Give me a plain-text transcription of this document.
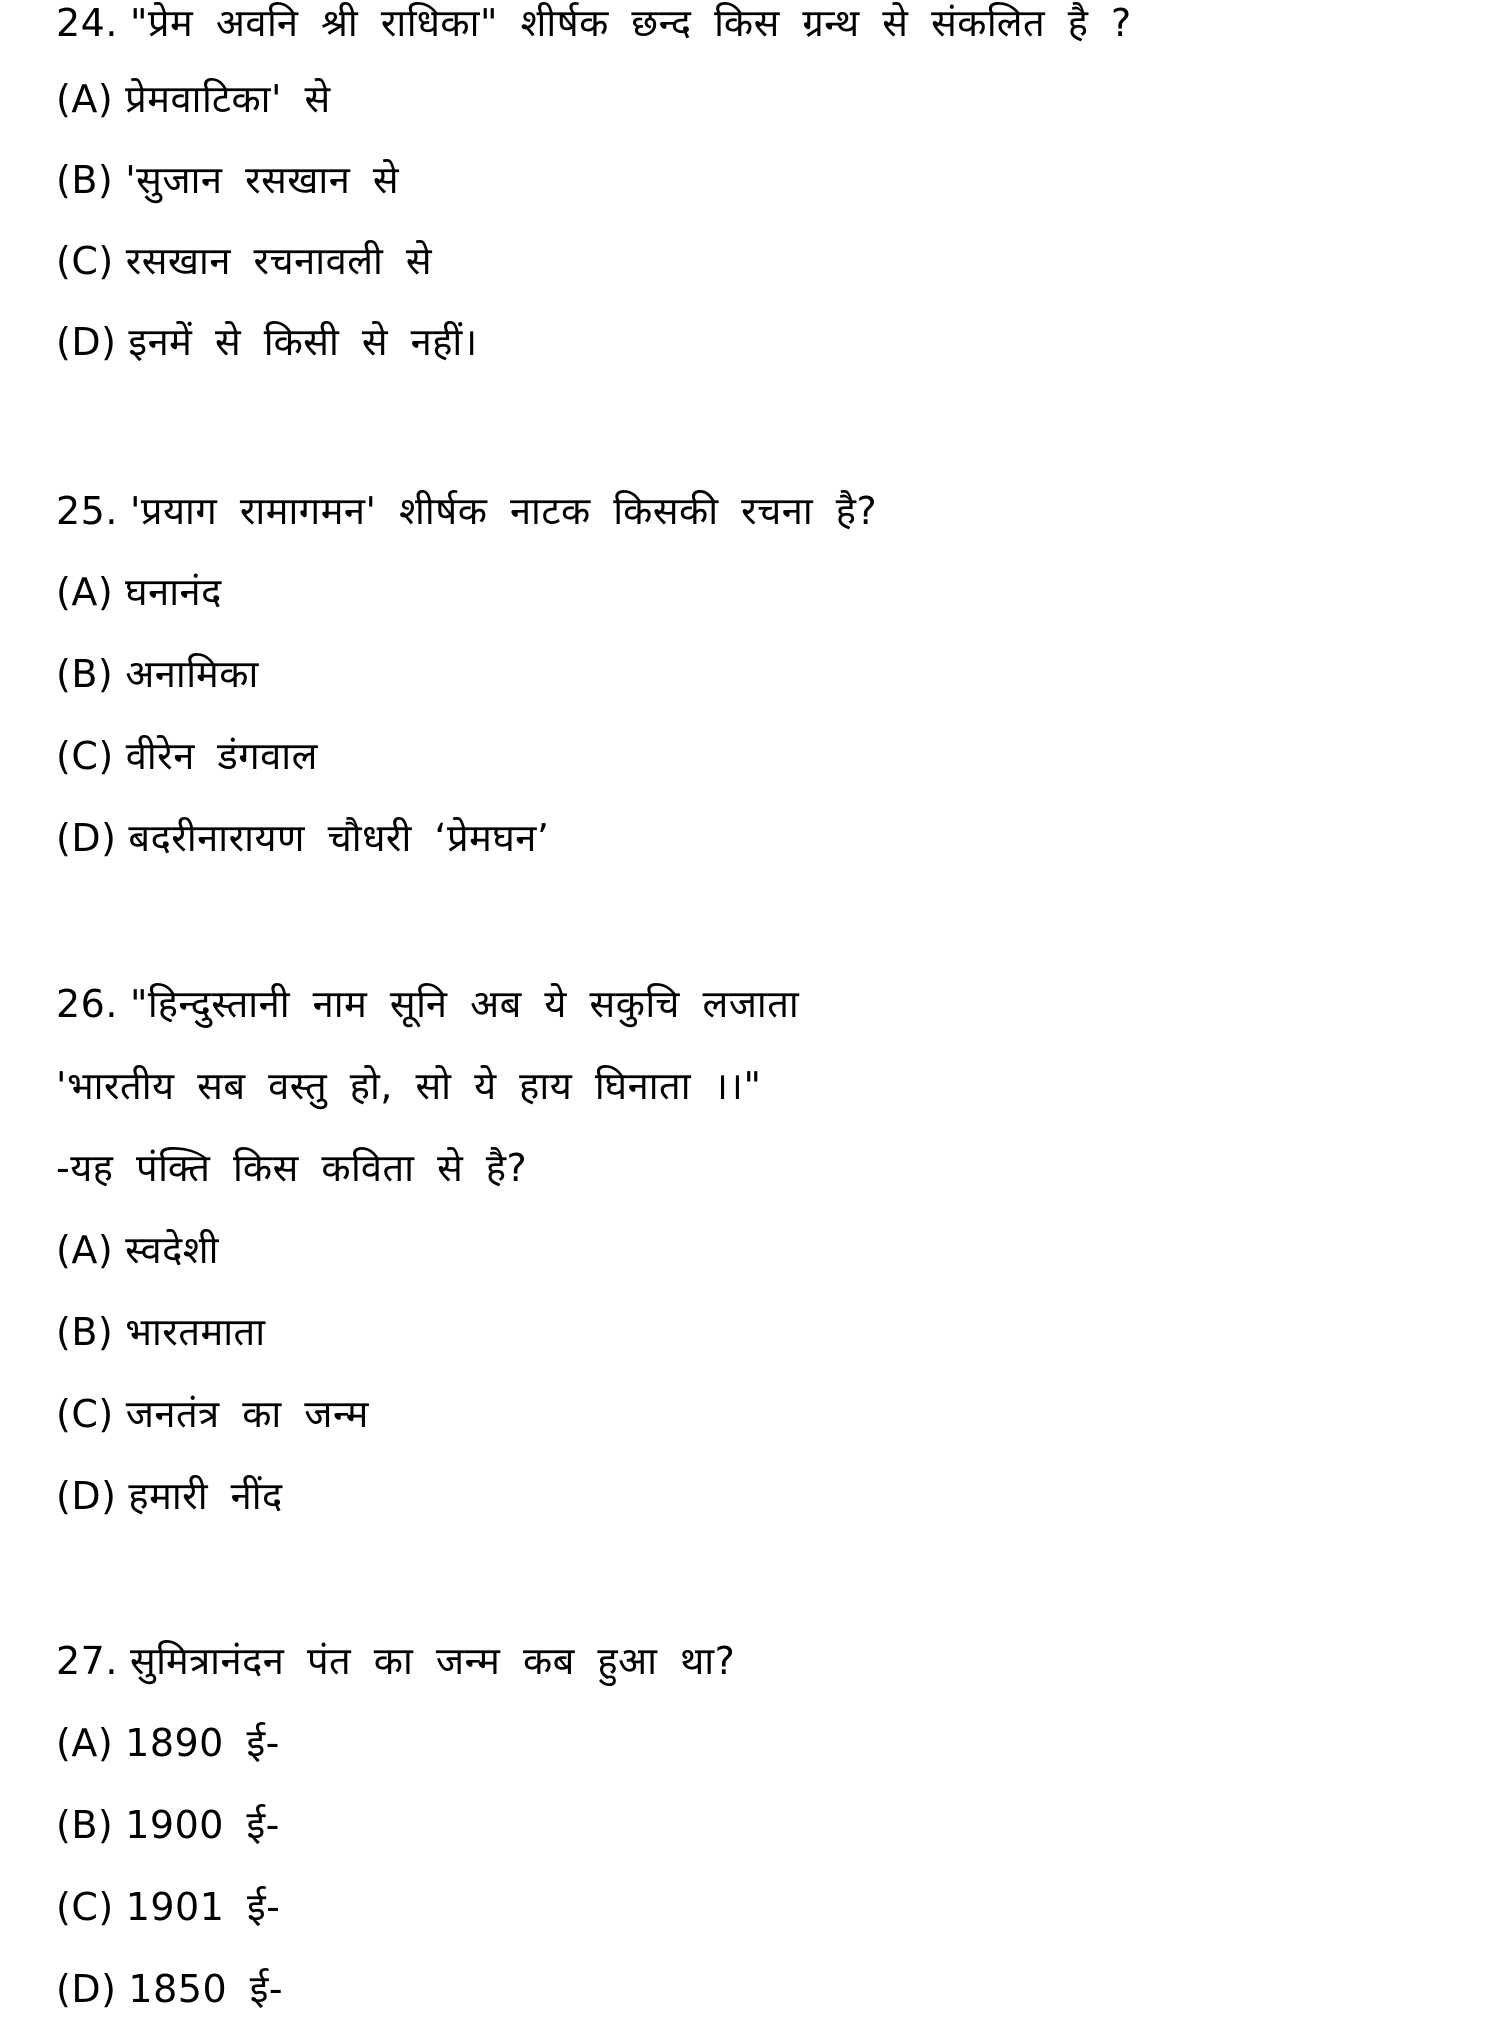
24. "प्रेम अवनि श्री राधिका" शीर्षक छन्द किस ग्रन्थ से संकलित है ?
(A) प्रेमवाटिका' से
(B) 'सुजान रसखान से
(C) रसखान रचनावली से
(D) इनमें से किसी से नहीं।
25. 'प्रयाग रामागमन' शीर्षक नाटक किसकी रचना है?
(A) घनानंद
(B) अनामिका
(C) वीरेन डंगवाल
(D) बदरीनारायण चौधरी ‘प्रेमघन’
26. "हिन्दुस्तानी नाम सूनि अब ये सकुचि लजाता
'भारतीय सब वस्तु हो, सो ये हाय घिनाता ।।"
-यह पंक्ति किस कविता से है?
(A) स्वदेशी
(B) भारतमाता
(C) जनतंत्र का जन्म
(D) हमारी नींद
27. सुमित्रानंदन पंत का जन्म कब हुआ था?
(A) 1890 ई-
(B) 1900 ई-
(C) 1901 ई-
(D) 1850 ई-
